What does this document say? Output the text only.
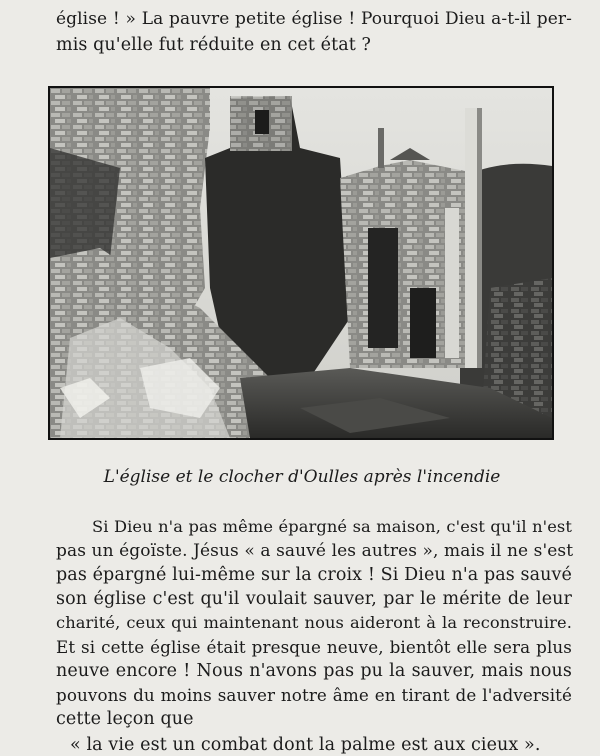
église ! » La pauvre petite église ! Pourquoi Dieu a-t-il per-
mis qu'elle fut réduite en cet état ?
L'église et le clocher d'Oulles après l'incendie
Si Dieu n'a pas même épargné sa maison, c'est qu'il n'est
pas un égoïste. Jésus « a sauvé les autres », mais il ne s'est
pas épargné lui-même sur la croix ! Si Dieu n'a pas sauvé
son église c'est qu'il voulait sauver, par le mérite de leur
charité, ceux qui maintenant nous aideront à la reconstruire.
Et si cette église était presque neuve, bientôt elle sera plus
neuve encore ! Nous n'avons pas pu la sauver, mais nous
pouvons du moins sauver notre âme en tirant de l'adversité
cette leçon que
« la vie est un combat dont la palme est aux cieux ».
